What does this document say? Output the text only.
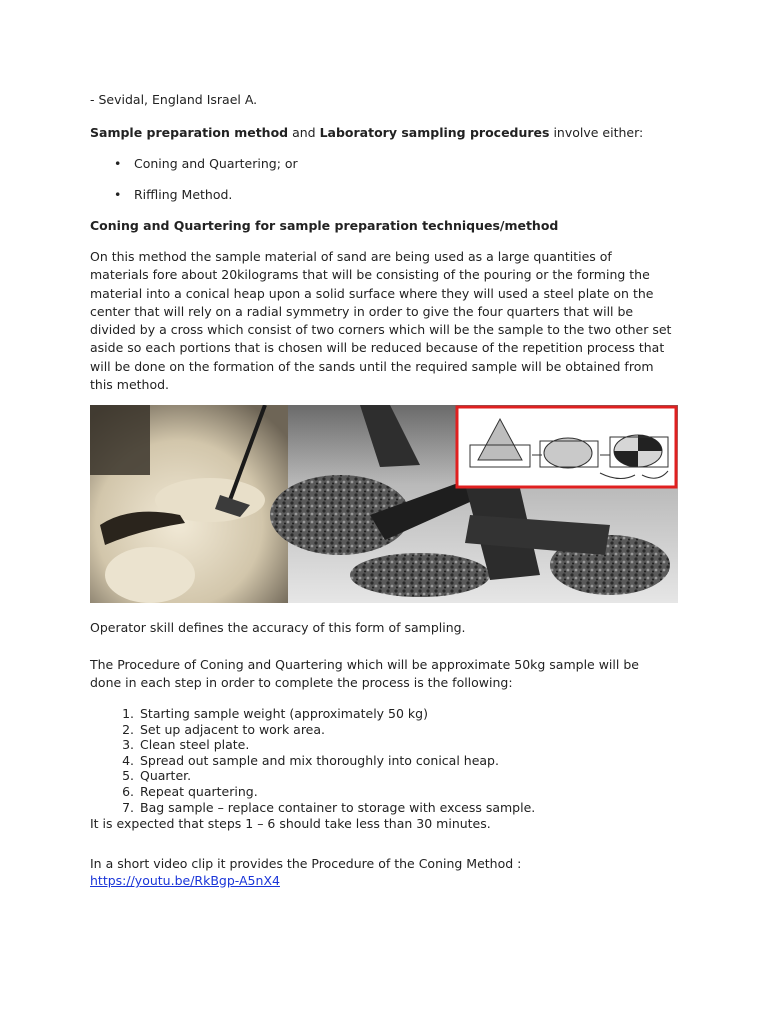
- Sevidal, England Israel A.
Sample preparation method and Laboratory sampling procedures involve either:
• Coning and Quartering; or
• Riffling Method.
Coning and Quartering for sample preparation techniques/method
On this method the sample material of sand are being used as a large quantities of
materials fore about 20kilograms that will be consisting of the pouring or the forming the
material into a conical heap upon a solid surface where they will used a steel plate on the
center that will rely on a radial symmetry in order to give the four quarters that will be
divided by a cross which consist of two corners which will be the sample to the two other set
aside so each portions that is chosen will be reduced because of the repetition process that
will be done on the formation of the sands until the required sample will be obtained from
this method.
Operator skill defines the accuracy of this form of sampling.
The Procedure of Coning and Quartering which will be approximate 50kg sample will be
done in each step in order to complete the process is the following:
1. Starting sample weight (approximately 50 kg)
2. Set up adjacent to work area.
3. Clean steel plate.
4. Spread out sample and mix thoroughly into conical heap.
5. Quarter.
6. Repeat quartering.
7. Bag sample – replace container to storage with excess sample.
It is expected that steps 1 – 6 should take less than 30 minutes.
In a short video clip it provides the Procedure of the Coning Method :
https://youtu.be/RkBgp-A5nX4
